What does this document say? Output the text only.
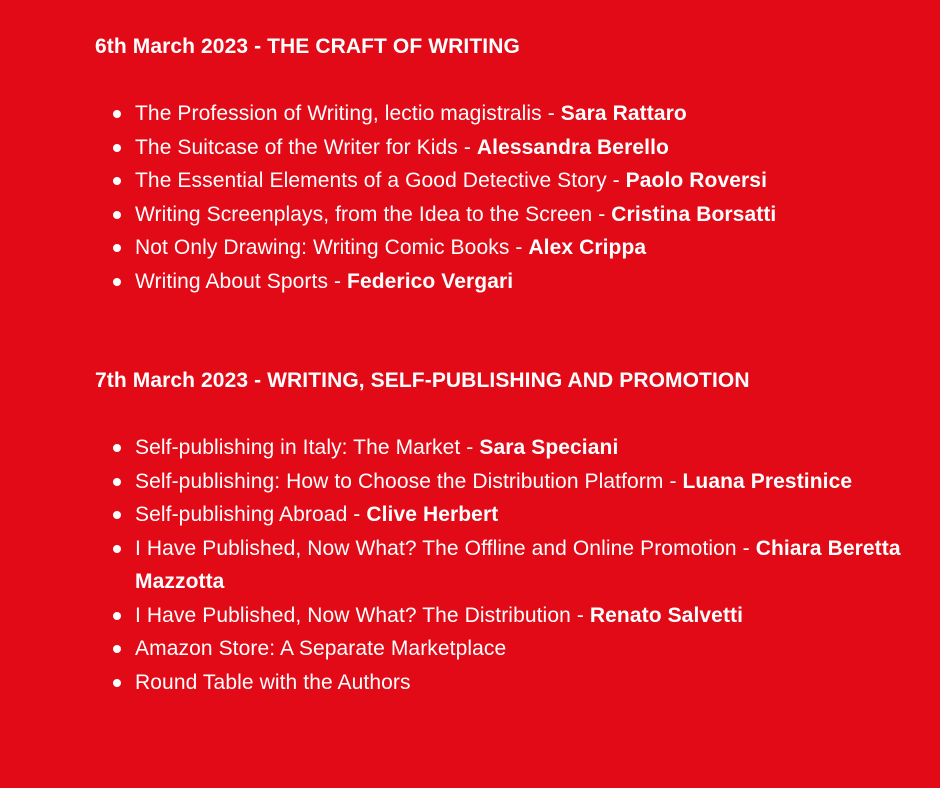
6th March 2023 - THE CRAFT OF WRITING
The Profession of Writing, lectio magistralis - Sara Rattaro
The Suitcase of the Writer for Kids - Alessandra Berello
The Essential Elements of a Good Detective Story - Paolo Roversi
Writing Screenplays, from the Idea to the Screen - Cristina Borsatti
Not Only Drawing: Writing Comic Books - Alex Crippa
Writing About Sports - Federico Vergari
7th March 2023 - WRITING, SELF-PUBLISHING AND PROMOTION
Self-publishing in Italy: The Market - Sara Speciani
Self-publishing: How to Choose the Distribution Platform - Luana Prestinice
Self-publishing Abroad - Clive Herbert
I Have Published, Now What? The Offline and Online Promotion - Chiara Beretta Mazzotta
I Have Published, Now What? The Distribution - Renato Salvetti
Amazon Store: A Separate Marketplace
Round Table with the Authors
